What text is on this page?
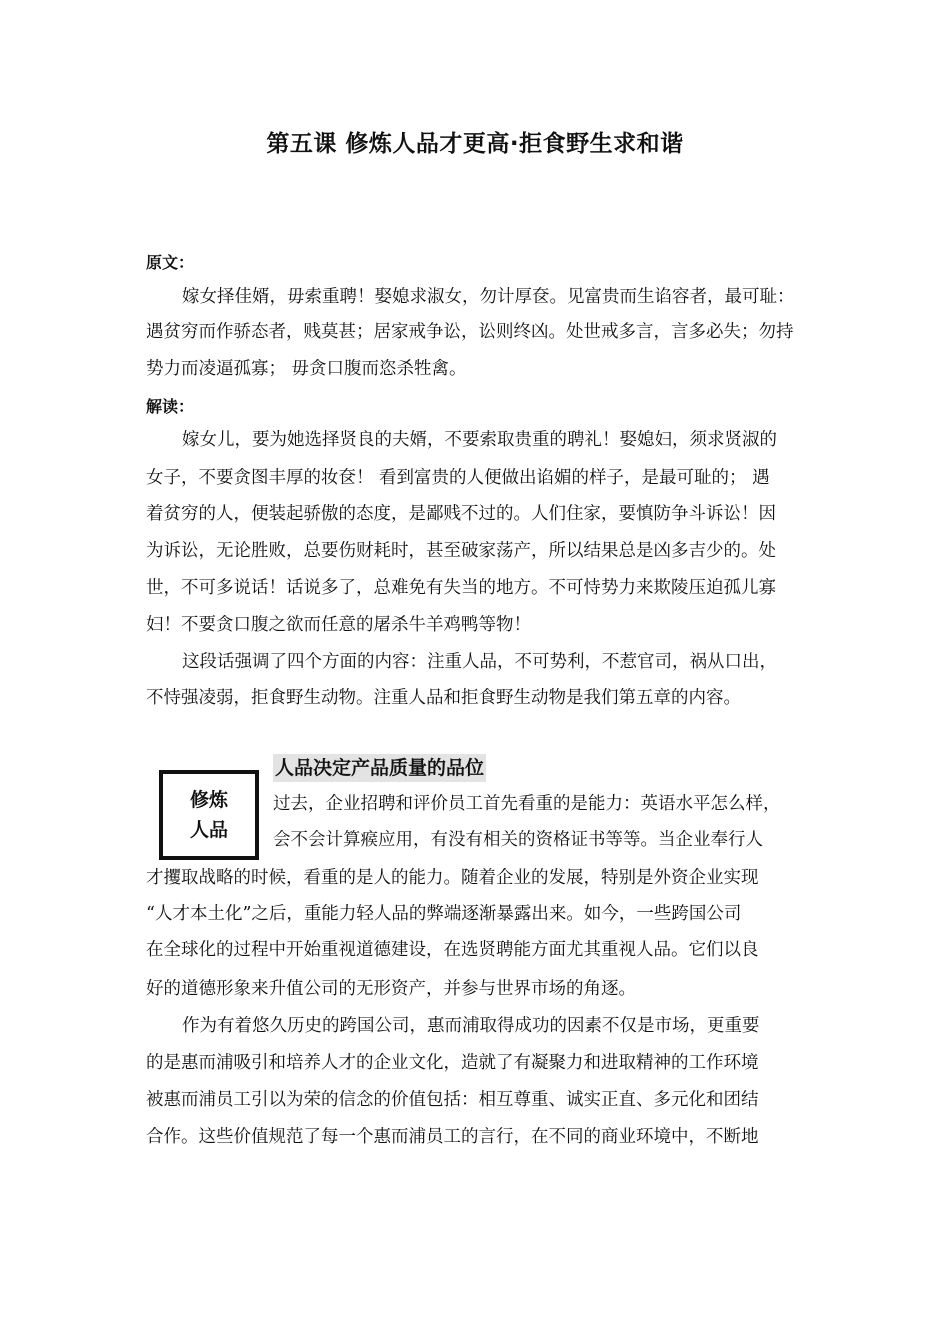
第五课 修炼人品才更高·拒食野生求和谐
原文：
嫁女择佳婿，毋索重聘！娶媳求淑女，勿计厚奁。见富贵而生谄容者，最可耻：
遇贫穷而作骄态者，贱莫甚；居家戒争讼，讼则终凶。处世戒多言，言多必失；勿持
势力而凌逼孤寡； 毋贪口腹而恣杀牲禽。
解读：
嫁女儿，要为她选择贤良的夫婿，不要索取贵重的聘礼！娶媳妇，须求贤淑的
女子，不要贪图丰厚的妆奁！ 看到富贵的人便做出谄媚的样子，是最可耻的； 遇
着贫穷的人，便装起骄傲的态度，是鄙贱不过的。人们住家，要慎防争斗诉讼！因
为诉讼，无论胜败，总要伤财耗时，甚至破家荡产，所以结果总是凶多吉少的。处
世，不可多说话！话说多了，总难免有失当的地方。不可恃势力来欺陵压迫孤儿寡
妇！不要贪口腹之欲而任意的屠杀牛羊鸡鸭等物！
这段话强调了四个方面的内容：注重人品，不可势利，不惹官司，祸从口出，
不恃强凌弱，拒食野生动物。注重人品和拒食野生动物是我们第五章的内容。
修炼
人品
人品决定产品质量的品位
过去，企业招聘和评价员工首先看重的是能力：英语水平怎么样，
会不会计算瘊应用，有没有相关的资格证书等等。当企业奉行人
才攫取战略的时候，看重的是人的能力。随着企业的发展，特别是外资企业实现
“人才本土化”之后，重能力轻人品的弊端逐渐暴露出来。如今，一些跨国公司
在全球化的过程中开始重视道德建设，在选贤聘能方面尤其重视人品。它们以良
好的道德形象来升值公司的无形资产，并参与世界市场的角逐。
作为有着悠久历史的跨国公司，惠而浦取得成功的因素不仅是市场，更重要
的是惠而浦吸引和培养人才的企业文化，造就了有凝聚力和进取精神的工作环境
被惠而浦员工引以为荣的信念的价值包括：相互尊重、诚实正直、多元化和团结
合作。这些价值规范了每一个惠而浦员工的言行，在不同的商业环境中，不断地
